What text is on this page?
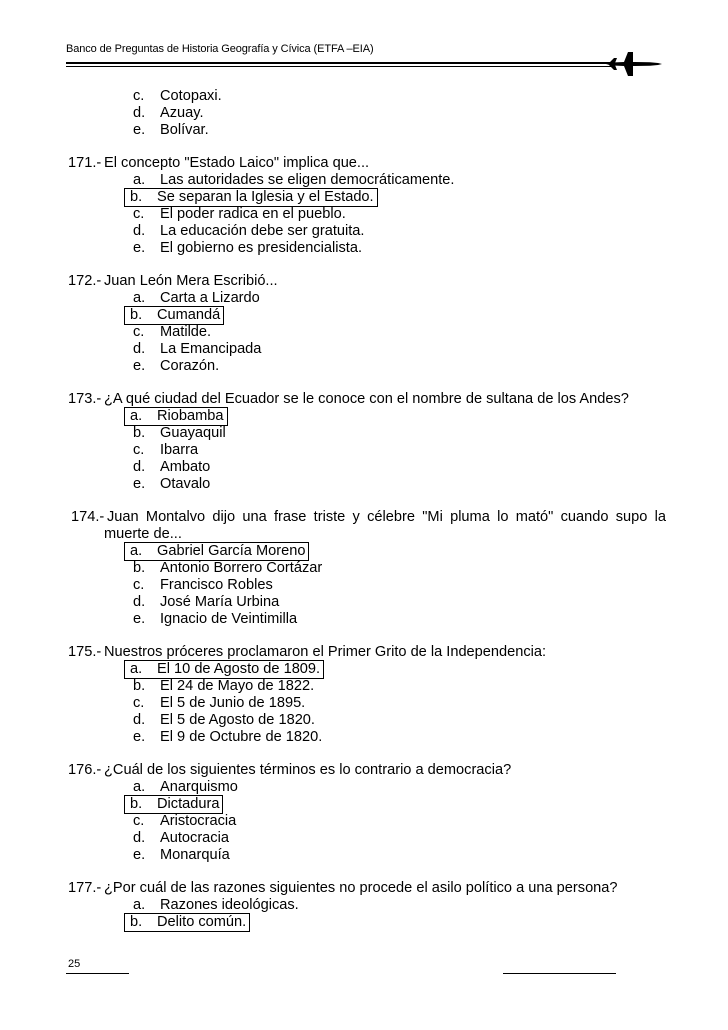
Banco de Preguntas de Historia Geografía y Cívica (ETFA –EIA)
c. Cotopaxi.
d. Azuay.
e. Bolívar.
171.- El concepto "Estado Laico" implica que...
a. Las autoridades se eligen democráticamente.
b. Se separan la Iglesia y el Estado.
c. El poder radica en el pueblo.
d. La educación debe ser gratuita.
e. El gobierno es presidencialista.
172.- Juan León Mera Escribió...
a. Carta a Lizardo
b. Cumandá
c. Matilde.
d. La Emancipada
e. Corazón.
173.- ¿A qué ciudad del Ecuador se le conoce con el nombre de sultana de los Andes?
a. Riobamba
b. Guayaquil
c. Ibarra
d. Ambato
e. Otavalo
174.- Juan Montalvo dijo una frase triste y célebre "Mi pluma lo mató" cuando supo la muerte de...
a. Gabriel García Moreno
b. Antonio Borrero Cortázar
c. Francisco Robles
d. José María Urbina
e. Ignacio de Veintimilla
175.- Nuestros próceres proclamaron el Primer Grito de la Independencia:
a. El 10 de Agosto de 1809.
b. El 24 de Mayo de 1822.
c. El 5 de Junio de 1895.
d. El 5 de Agosto de 1820.
e. El 9 de Octubre de 1820.
176.- ¿Cuál de los siguientes términos es lo contrario a democracia?
a. Anarquismo
b. Dictadura
c. Aristocracia
d. Autocracia
e. Monarquía
177.- ¿Por cuál de las razones siguientes no procede el asilo político a una persona?
a. Razones ideológicas.
b. Delito común.
25
